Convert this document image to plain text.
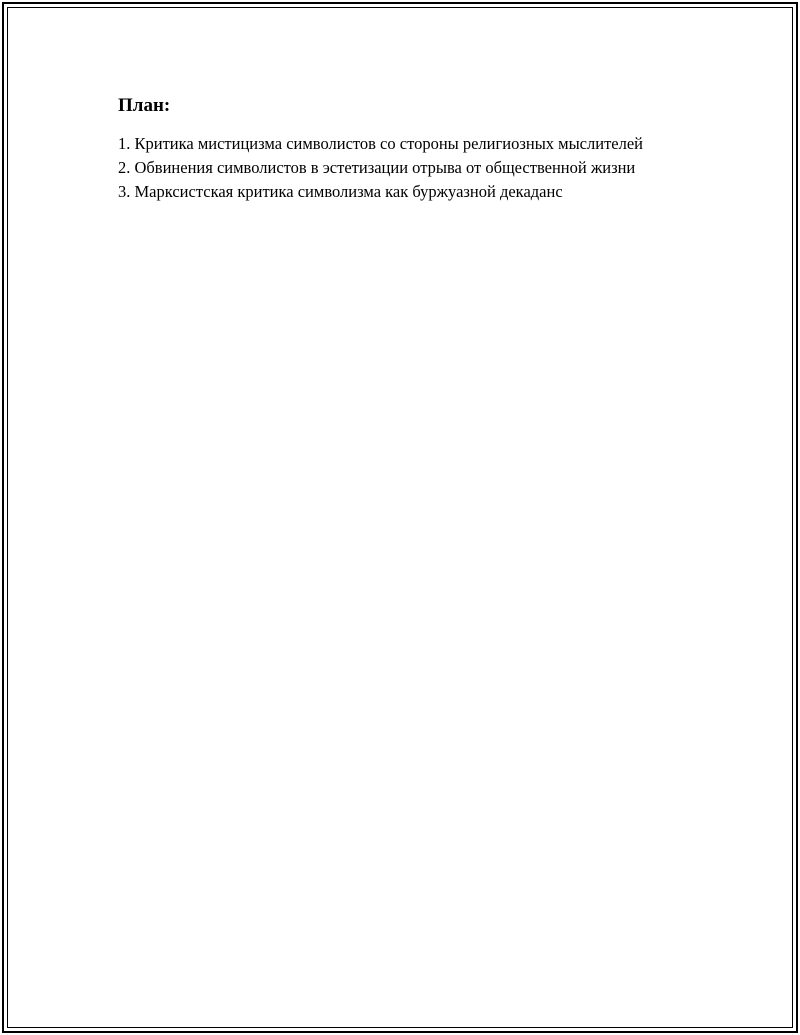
План:
1. Критика мистицизма символистов со стороны религиозных мыслителей
2. Обвинения символистов в эстетизации отрыва от общественной жизни
3. Марксистская критика символизма как буржуазной декаданс
